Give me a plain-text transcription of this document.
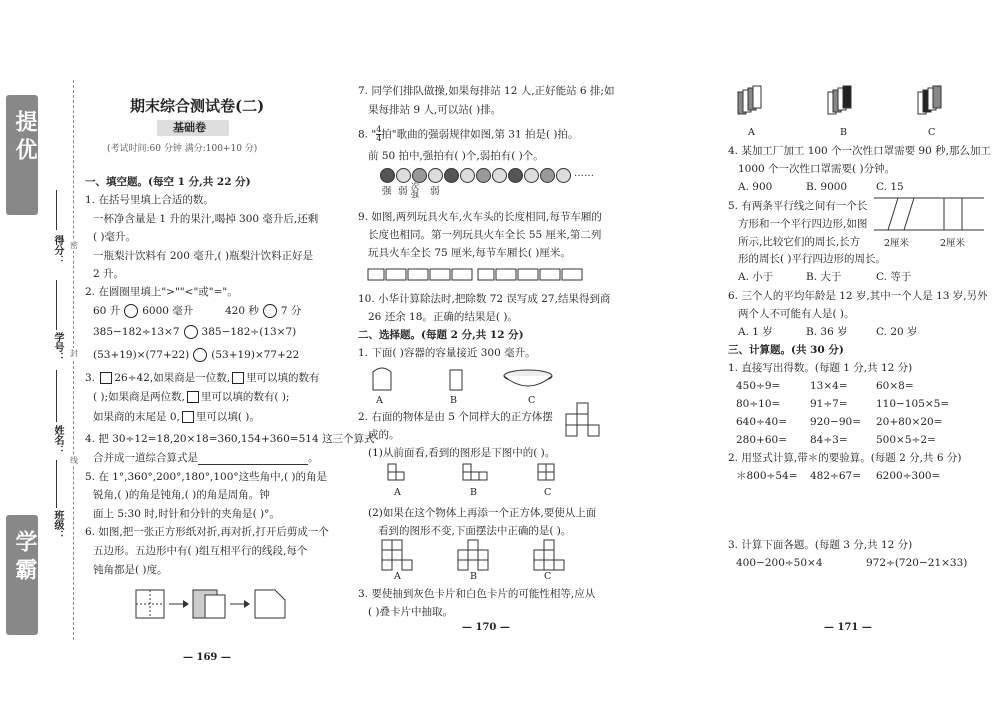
提优
学霸
得分：
学号：
姓名：
班级：
密
封
线
期末综合测试卷(二)
基础卷
(考试时间:60 分钟 满分:100+10 分)
一、填空题。(每空 1 分,共 22 分)
1. 在括号里填上合适的数。
一杯净含量是 1 升的果汁,喝掉 300 毫升后,还剩
( )毫升。
一瓶梨汁饮料有 200 毫升,( )瓶梨汁饮料正好是
2 升。
2. 在圆圈里填上">""<"或"="。
60 升 6000 毫升	420 秒 7 分
385−182÷13×7 385−182÷(13×7)
(53+19)×(77+22) (53+19)×77+22
3. 26÷42,如果商是一位数, 里可以填的数有
( );如果商是两位数, 里可以填的数有( );
如果商的末尾是 0, 里可以填( )。
4. 把 30÷12=18,20×18=360,154+360=514 这三个算式
合并成一道综合算式是	。
5. 在 1°,360°,200°,180°,100°这些角中,( )的角是
锐角,( )的角是钝角,( )的角是周角。钟
面上 5:30 时,时针和分针的夹角是( )°。
6. 如图,把一张正方形纸对折,再对折,打开后剪成一个
五边形。五边形中有( )组互相平行的线段,每个
钝角都是( )度。
— 169 —
7. 同学们排队做操,如果每排站 12 人,正好能站 6 排;如
果每排站 9 人,可以站( )排。
8. "$\frac{4}{4}$拍"歌曲的强弱规律如图,第 31 拍是( )拍。
前 50 拍中,强拍有( )个,弱拍有( )个。
……
强 弱 次强	弱
9. 如图,两列玩具火车,火车头的长度相同,每节车厢的
长度也相同。第一列玩具火车全长 55 厘米,第二列
玩具火车全长 75 厘米,每节车厢长( )厘米。
10. 小华计算除法时,把除数 72 误写成 27,结果得到商
26 还余 18。正确的结果是( )。
二、选择题。(每题 2 分,共 12 分)
1. 下面( )容器的容量接近 300 毫升。
A	B	C
2. 右面的物体是由 5 个同样大的正方体摆
成的。
(1)从前面看,看到的图形是下图中的( )。
A	B	C
(2)如果在这个物体上再添一个正方体,要使从上面
看到的图形不变,下面摆法中正确的是( )。
A	B	C
3. 要使抽到灰色卡片和白色卡片的可能性相等,应从
( )叠卡片中抽取。
— 170 —
A	B	C
4. 某加工厂加工 100 个一次性口罩需要 90 秒,那么加工
1000 个一次性口罩需要( )分钟。
A. 900	B. 9000	C. 15
5. 有两条平行线之间有一个长
方形和一个平行四边形,如图
所示,比较它们的周长,长方
形的周长( )平行四边形的周长。
2厘米	2厘米
A. 小于	B. 大于	C. 等于
6. 三个人的平均年龄是 12 岁,其中一个人是 13 岁,另外
两个人不可能有人是( )。
A. 1 岁	B. 36 岁	C. 20 岁
三、计算题。(共 30 分)
1. 直接写出得数。(每题 1 分,共 12 分)
450÷9=	13×4=	60×8=
80÷10=	91÷7=	110−105×5=
640÷40= 920−90= 20+80×20=
280+60= 84÷3=	500×5÷2=
2. 用竖式计算,带＊的要验算。(每题 2 分,共 6 分)
＊800÷54= 482÷67= 6200÷300=
3. 计算下面各题。(每题 3 分,共 12 分)
400−200÷50×4	972÷(720−21×33)
— 171 —
